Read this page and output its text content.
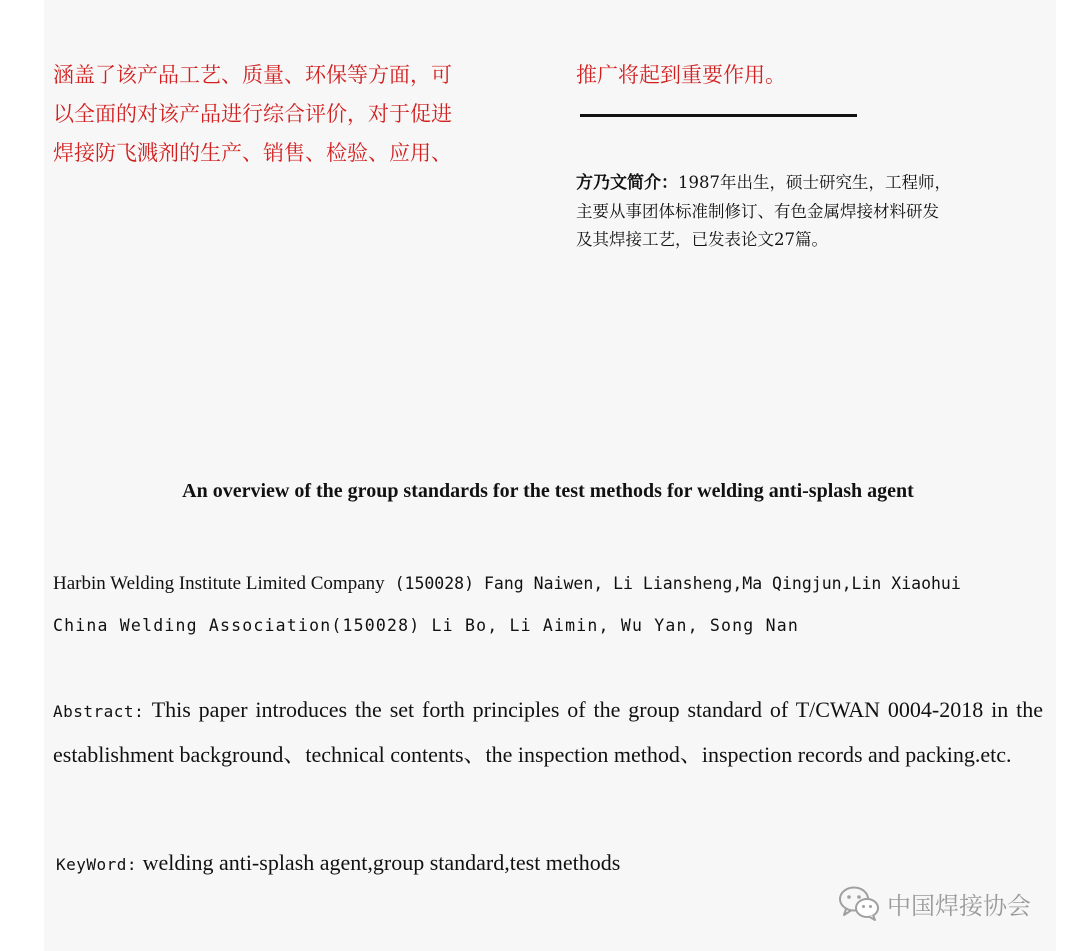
涵盖了该产品工艺、质量、环保等方面，可
以全面的对该产品进行综合评价，对于促进
焊接防飞溅剂的生产、销售、检验、应用、
推广将起到重要作用。
方乃文简介：1987年出生，硕士研究生，工程师，
主要从事团体标准制修订、有色金属焊接材料研发
及其焊接工艺，已发表论文27篇。
An overview of the group standards for the test methods for welding anti-splash agent
Harbin Welding Institute Limited Company (150028) Fang Naiwen, Li Liansheng,Ma Qingjun,Lin Xiaohui
China Welding Association(150028) Li Bo, Li Aimin, Wu Yan, Song Nan
Abstract: This paper introduces the set forth principles of the group standard of T/CWAN 0004-2018 in the establishment background、technical contents、the inspection method、inspection records and packing.etc.
KeyWord: welding anti-splash agent,group standard,test methods
中国焊接协会
